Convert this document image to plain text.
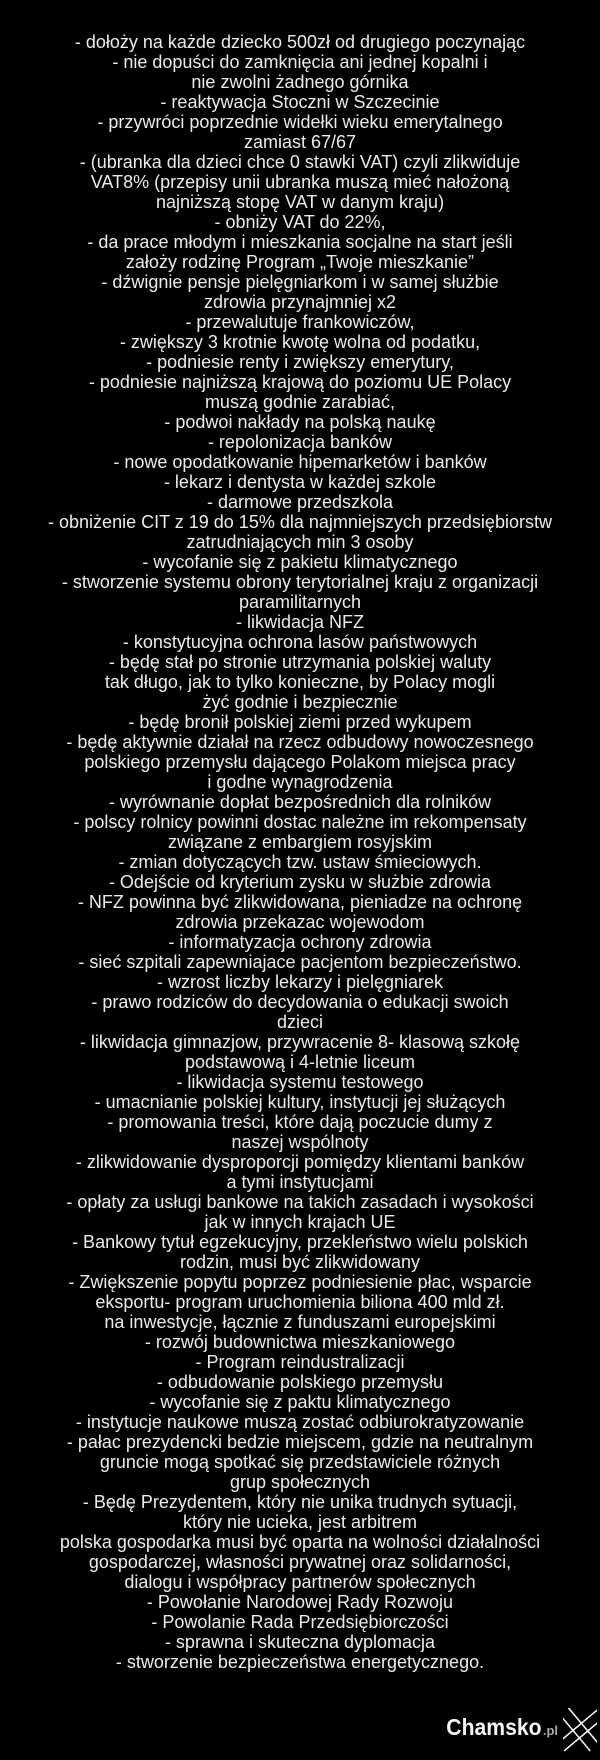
- dołoży na każde dziecko 500zł od drugiego poczynając
- nie dopuści do zamknięcia ani jednej kopalni i
nie zwolni żadnego górnika
- reaktywacja Stoczni w Szczecinie
- przywróci poprzednie widełki wieku emerytalnego
zamiast 67/67
- (ubranka dla dzieci chce 0 stawki VAT) czyli zlikwiduje
VAT8% (przepisy unii ubranka muszą mieć nałożoną
najniższą stopę VAT w danym kraju)
- obniży VAT do 22%,
- da prace młodym i mieszkania socjalne na start jeśli
założy rodzinę Program „Twoje mieszkanie”
- dźwignie pensje pielęgniarkom i w samej służbie
zdrowia przynajmniej x2
- przewalutuje frankowiczów,
- zwiększy 3 krotnie kwotę wolna od podatku,
- podniesie renty i zwiększy emerytury,
- podniesie najniższą krajową do poziomu UE Polacy
muszą godnie zarabiać,
- podwoi nakłady na polską naukę
- repolonizacja banków
- nowe opodatkowanie hipemarketów i banków
- lekarz i dentysta w każdej szkole
- darmowe przedszkola
- obniżenie CIT z 19 do 15% dla najmniejszych przedsiębiorstw
zatrudniających min 3 osoby
- wycofanie się z pakietu klimatycznego
- stworzenie systemu obrony terytorialnej kraju z organizacji
paramilitarnych
- likwidacja NFZ
- konstytucyjna ochrona lasów państwowych
- będę stał po stronie utrzymania polskiej waluty
tak długo, jak to tylko konieczne, by Polacy mogli
żyć godnie i bezpiecznie
- będę bronił polskiej ziemi przed wykupem
- będę aktywnie działał na rzecz odbudowy nowoczesnego
polskiego przemysłu dającego Polakom miejsca pracy
i godne wynagrodzenia
- wyrównanie dopłat bezpośrednich dla rolników
- polscy rolnicy powinni dostac należne im rekompensaty
związane z embargiem rosyjskim
- zmian dotyczących tzw. ustaw śmieciowych.
- Odejście od kryterium zysku w służbie zdrowia
- NFZ powinna być zlikwidowana, pieniadze na ochronę
zdrowia przekazac wojewodom
- informatyzacja ochrony zdrowia
- sieć szpitali zapewniajace pacjentom bezpieczeństwo.
- wzrost liczby lekarzy i pielęgniarek
- prawo rodziców do decydowania o edukacji swoich
dzieci
- likwidacja gimnazjow, przywracenie 8- klasową szkołę
podstawową i 4-letnie liceum
- likwidacja systemu testowego
- umacnianie polskiej kultury, instytucji jej służących
- promowania treści, które dają poczucie dumy z
naszej wspólnoty
- zlikwidowanie dysproporcji pomiędzy klientami banków
a tymi instytucjami
- opłaty za usługi bankowe na takich zasadach i wysokości
jak w innych krajach UE
- Bankowy tytuł egzekucyjny, przekleństwo wielu polskich
rodzin, musi być zlikwidowany
- Zwiększenie popytu poprzez podniesienie płac, wsparcie
eksportu- program uruchomienia biliona 400 mld zł.
na inwestycje, łącznie z funduszami europejskimi
- rozwój budownictwa mieszkaniowego
- Program reindustralizacji
- odbudowanie polskiego przemysłu
- wycofanie się z paktu klimatycznego
- instytucje naukowe muszą zostać odbiurokratyzowanie
- pałac prezydencki bedzie miejscem, gdzie na neutralnym
gruncie mogą spotkać się przedstawiciele różnych
grup społecznych
- Będę Prezydentem, który nie unika trudnych sytuacji,
który nie ucieka, jest arbitrem
polska gospodarka musi być oparta na wolności działalności
gospodarczej, własności prywatnej oraz solidarności,
dialogu i współpracy partnerów społecznych
- Powołanie Narodowej Rady Rozwoju
- Powolanie Rada Przedsiębiorczości
- sprawna i skuteczna dyplomacja
- stworzenie bezpieczeństwa energetycznego.
Chamsko .pl
